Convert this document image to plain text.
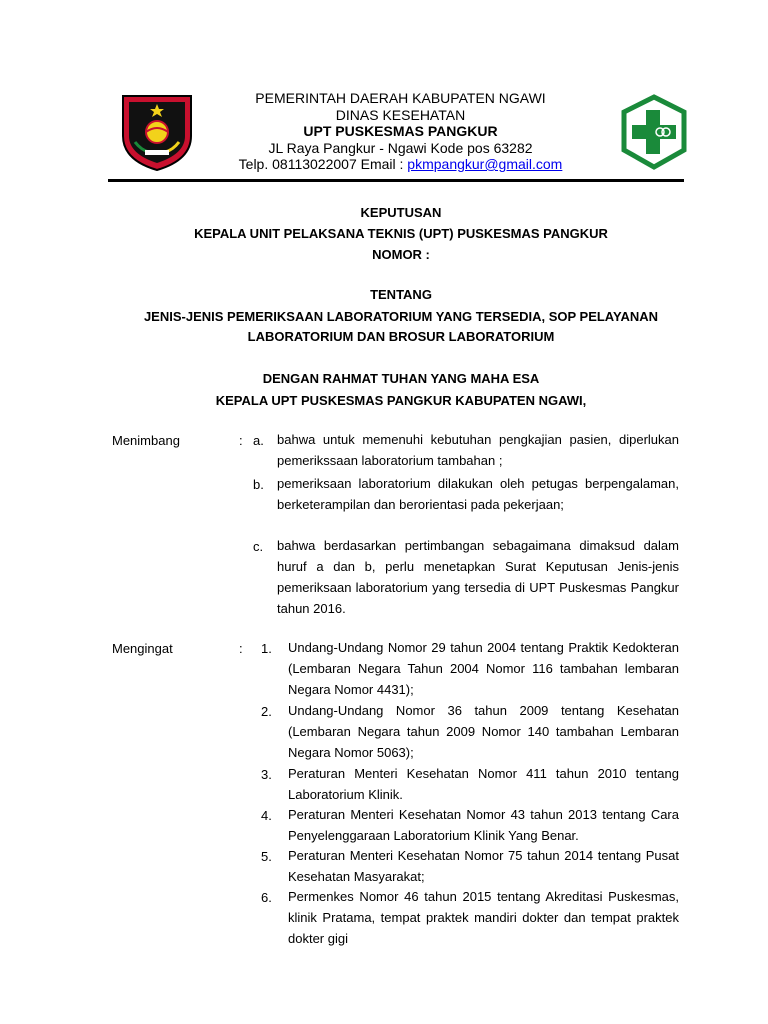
PEMERINTAH DAERAH KABUPATEN NGAWI
DINAS KESEHATAN
UPT PUSKESMAS PANGKUR
JL Raya Pangkur - Ngawi Kode pos 63282
Telp. 08113022007 Email : pkmpangkur@gmail.com
KEPUTUSAN
KEPALA UNIT PELAKSANA TEKNIS (UPT) PUSKESMAS PANGKUR
NOMOR :
TENTANG
JENIS-JENIS PEMERIKSAAN LABORATORIUM YANG TERSEDIA, SOP PELAYANAN
LABORATORIUM DAN BROSUR LABORATORIUM
DENGAN RAHMAT TUHAN YANG MAHA ESA
KEPALA UPT PUSKESMAS PANGKUR KABUPATEN NGAWI,
Menimbang	: a. bahwa untuk memenuhi kebutuhan pengkajian pasien, diperlukan pemerikssaan laboratorium tambahan ;
b. pemeriksaan laboratorium dilakukan oleh petugas berpengalaman, berketerampilan dan berorientasi pada pekerjaan;
c. bahwa berdasarkan pertimbangan sebagaimana dimaksud dalam huruf a dan b, perlu menetapkan Surat Keputusan Jenis-jenis pemeriksaan laboratorium yang tersedia di UPT Puskesmas Pangkur tahun 2016.
Mengingat	: 1. Undang-Undang Nomor 29 tahun 2004 tentang Praktik Kedokteran (Lembaran Negara Tahun 2004 Nomor 116 tambahan lembaran Negara Nomor 4431);
2. Undang-Undang Nomor 36 tahun 2009 tentang Kesehatan (Lembaran Negara tahun 2009 Nomor 140 tambahan Lembaran Negara Nomor 5063);
3. Peraturan Menteri Kesehatan Nomor 411 tahun 2010 tentang Laboratorium Klinik.
4. Peraturan Menteri Kesehatan Nomor 43 tahun 2013 tentang Cara Penyelenggaraan Laboratorium Klinik Yang Benar.
5. Peraturan Menteri Kesehatan Nomor 75 tahun 2014 tentang Pusat Kesehatan Masyarakat;
6. Permenkes Nomor 46 tahun 2015 tentang Akreditasi Puskesmas, klinik Pratama, tempat praktek mandiri dokter dan tempat praktek dokter gigi
